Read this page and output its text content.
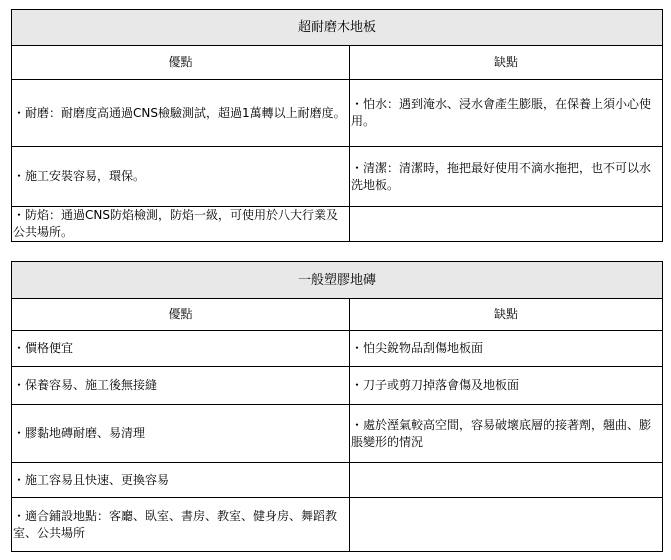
超耐磨木地板	
優點	缺點
・耐磨：耐磨度高通過CNS檢驗測試，超過1萬轉以上耐磨度。	・怕水：遇到淹水、浸水會產生膨脹，在保養上須小心使用。
・施工安裝容易，環保。	・清潔：清潔時，拖把最好使用不滴水拖把，也不可以水洗地板。
・防焰：通過CNS防焰檢測，防焰一級，可使用於八大行業及公共場所。	
一般塑膠地磚	
優點	缺點
・價格便宜	・怕尖銳物品刮傷地板面
・保養容易、施工後無接縫	・刀子或剪刀掉落會傷及地板面
・膠黏地磚耐磨、易清理	・處於溼氣較高空間，容易破壞底層的接著劑，翹曲、膨脹變形的情況
・施工容易且快速、更換容易	
・適合鋪設地點：客廳、臥室、書房、教室、健身房、舞蹈教室、公共場所	
